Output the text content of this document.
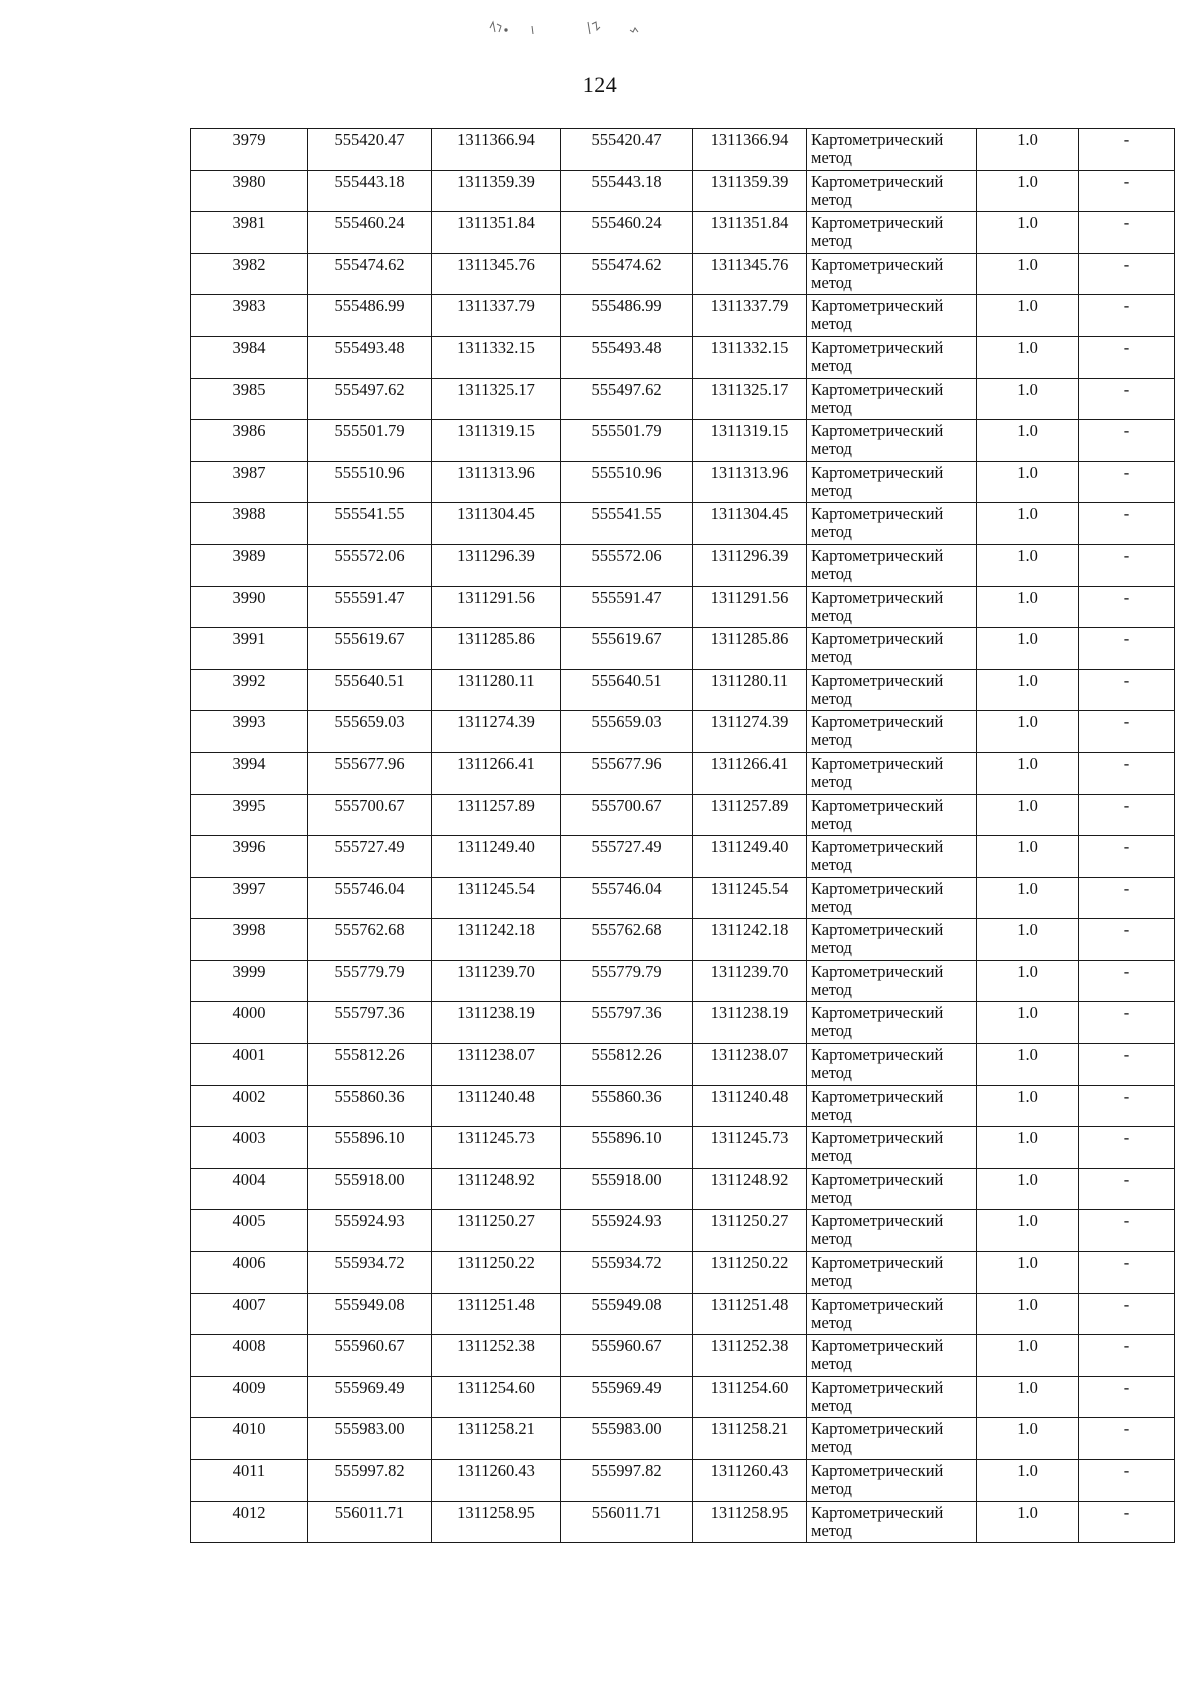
124
3979	555420.47	1311366.94	555420.47	1311366.94	Картометрический
метод	1.0	-
3980	555443.18	1311359.39	555443.18	1311359.39	Картометрический
метод	1.0	-
3981	555460.24	1311351.84	555460.24	1311351.84	Картометрический
метод	1.0	-
3982	555474.62	1311345.76	555474.62	1311345.76	Картометрический
метод	1.0	-
3983	555486.99	1311337.79	555486.99	1311337.79	Картометрический
метод	1.0	-
3984	555493.48	1311332.15	555493.48	1311332.15	Картометрический
метод	1.0	-
3985	555497.62	1311325.17	555497.62	1311325.17	Картометрический
метод	1.0	-
3986	555501.79	1311319.15	555501.79	1311319.15	Картометрический
метод	1.0	-
3987	555510.96	1311313.96	555510.96	1311313.96	Картометрический
метод	1.0	-
3988	555541.55	1311304.45	555541.55	1311304.45	Картометрический
метод	1.0	-
3989	555572.06	1311296.39	555572.06	1311296.39	Картометрический
метод	1.0	-
3990	555591.47	1311291.56	555591.47	1311291.56	Картометрический
метод	1.0	-
3991	555619.67	1311285.86	555619.67	1311285.86	Картометрический
метод	1.0	-
3992	555640.51	1311280.11	555640.51	1311280.11	Картометрический
метод	1.0	-
3993	555659.03	1311274.39	555659.03	1311274.39	Картометрический
метод	1.0	-
3994	555677.96	1311266.41	555677.96	1311266.41	Картометрический
метод	1.0	-
3995	555700.67	1311257.89	555700.67	1311257.89	Картометрический
метод	1.0	-
3996	555727.49	1311249.40	555727.49	1311249.40	Картометрический
метод	1.0	-
3997	555746.04	1311245.54	555746.04	1311245.54	Картометрический
метод	1.0	-
3998	555762.68	1311242.18	555762.68	1311242.18	Картометрический
метод	1.0	-
3999	555779.79	1311239.70	555779.79	1311239.70	Картометрический
метод	1.0	-
4000	555797.36	1311238.19	555797.36	1311238.19	Картометрический
метод	1.0	-
4001	555812.26	1311238.07	555812.26	1311238.07	Картометрический
метод	1.0	-
4002	555860.36	1311240.48	555860.36	1311240.48	Картометрический
метод	1.0	-
4003	555896.10	1311245.73	555896.10	1311245.73	Картометрический
метод	1.0	-
4004	555918.00	1311248.92	555918.00	1311248.92	Картометрический
метод	1.0	-
4005	555924.93	1311250.27	555924.93	1311250.27	Картометрический
метод	1.0	-
4006	555934.72	1311250.22	555934.72	1311250.22	Картометрический
метод	1.0	-
4007	555949.08	1311251.48	555949.08	1311251.48	Картометрический
метод	1.0	-
4008	555960.67	1311252.38	555960.67	1311252.38	Картометрический
метод	1.0	-
4009	555969.49	1311254.60	555969.49	1311254.60	Картометрический
метод	1.0	-
4010	555983.00	1311258.21	555983.00	1311258.21	Картометрический
метод	1.0	-
4011	555997.82	1311260.43	555997.82	1311260.43	Картометрический
метод	1.0	-
4012	556011.71	1311258.95	556011.71	1311258.95	Картометрический
метод	1.0	-
